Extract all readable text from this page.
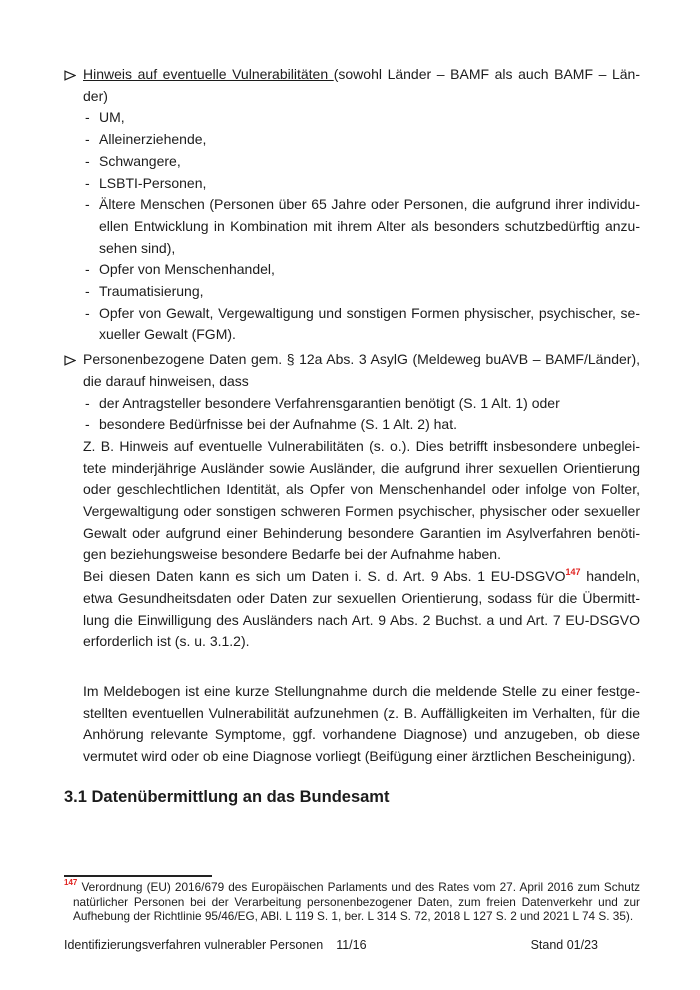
Hinweis auf eventuelle Vulnerabilitäten (sowohl Länder – BAMF als auch BAMF – Län-
der)
- UM,
- Alleinerziehende,
- Schwangere,
- LSBTI-Personen,
- Ältere Menschen (Personen über 65 Jahre oder Personen, die aufgrund ihrer individu-
ellen Entwicklung in Kombination mit ihrem Alter als besonders schutzbedürftig anzu-
sehen sind),
- Opfer von Menschenhandel,
- Traumatisierung,
- Opfer von Gewalt, Vergewaltigung und sonstigen Formen physischer, psychischer, se-
xueller Gewalt (FGM).
Personenbezogene Daten gem. § 12a Abs. 3 AsylG (Meldeweg buAVB – BAMF/Länder),
die darauf hinweisen, dass
- der Antragsteller besondere Verfahrensgarantien benötigt (S. 1 Alt. 1) oder
- besondere Bedürfnisse bei der Aufnahme (S. 1 Alt. 2) hat.
Z. B. Hinweis auf eventuelle Vulnerabilitäten (s. o.). Dies betrifft insbesondere unbeglei-
tete minderjährige Ausländer sowie Ausländer, die aufgrund ihrer sexuellen Orientierung
oder geschlechtlichen Identität, als Opfer von Menschenhandel oder infolge von Folter,
Vergewaltigung oder sonstigen schweren Formen psychischer, physischer oder sexueller
Gewalt oder aufgrund einer Behinderung besondere Garantien im Asylverfahren benöti-
gen beziehungsweise besondere Bedarfe bei der Aufnahme haben.
Bei diesen Daten kann es sich um Daten i. S. d. Art. 9 Abs. 1 EU-DSGVO$^{147}$ handeln,
etwa Gesundheitsdaten oder Daten zur sexuellen Orientierung, sodass für die Übermitt-
lung die Einwilligung des Ausländers nach Art. 9 Abs. 2 Buchst. a und Art. 7 EU-DSGVO
erforderlich ist (s. u. 3.1.2).
Im Meldebogen ist eine kurze Stellungnahme durch die meldende Stelle zu einer festge-
stellten eventuellen Vulnerabilität aufzunehmen (z. B. Auffälligkeiten im Verhalten, für die
Anhörung relevante Symptome, ggf. vorhandene Diagnose) und anzugeben, ob diese
vermutet wird oder ob eine Diagnose vorliegt (Beifügung einer ärztlichen Bescheinigung).
3.1 Datenübermittlung an das Bundesamt
$^{147}$ Verordnung (EU) 2016/679 des Europäischen Parlaments und des Rates vom 27. April 2016 zum Schutz
natürlicher Personen bei der Verarbeitung personenbezogener Daten, zum freien Datenverkehr und zur
Aufhebung der Richtlinie 95/46/EG, ABl. L 119 S. 1, ber. L 314 S. 72, 2018 L 127 S. 2 und 2021 L 74 S. 35).
Identifizierungsverfahren vulnerabler Personen 11/16	Stand 01/23
